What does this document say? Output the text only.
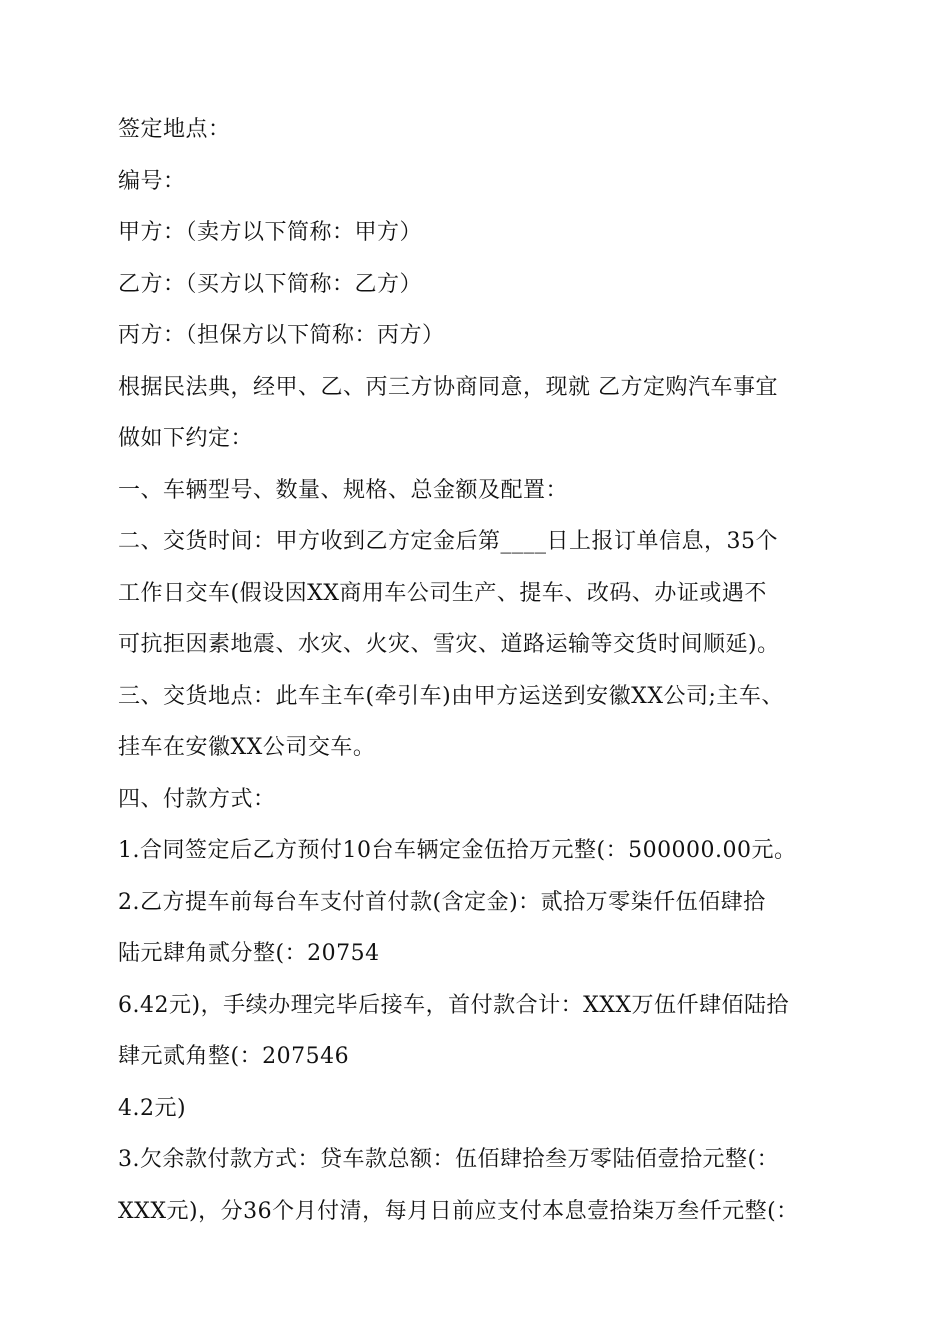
签定地点：
编号：
甲方：（卖方以下简称：甲方）
乙方：（买方以下简称：乙方）
丙方：（担保方以下简称：丙方）
根据民法典，经甲、乙、丙三方协商同意，现就 乙方定购汽车事宜
做如下约定：
一、车辆型号、数量、规格、总金额及配置：
二、交货时间：甲方收到乙方定金后第____日上报订单信息，35个
工作日交车(假设因XX商用车公司生产、提车、改码、办证或遇不
可抗拒因素地震、水灾、火灾、雪灾、道路运输等交货时间顺延)。
三、交货地点：此车主车(牵引车)由甲方运送到安徽XX公司;主车、
挂车在安徽XX公司交车。
四、付款方式：
1.合同签定后乙方预付10台车辆定金伍拾万元整(：500000.00元。
2.乙方提车前每台车支付首付款(含定金)：贰拾万零柒仟伍佰肆拾
陆元肆角贰分整(：20754
6.42元)，手续办理完毕后接车，首付款合计：XXX万伍仟肆佰陆拾
肆元贰角整(：207546
4.2元)
3.欠余款付款方式：贷车款总额：伍佰肆拾叁万零陆佰壹拾元整(：
XXX元)，分36个月付清，每月日前应支付本息壹拾柒万叁仟元整(：
